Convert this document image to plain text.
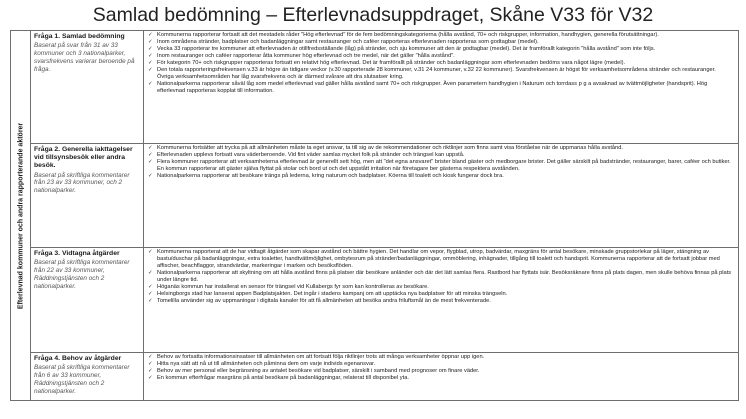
Samlad bedömning – Efterlevnadsuppdraget, Skåne V33 för V32
Efterlevnad kommuner och andra rapporterande aktörer
Fråga 1. Samlad bedömning
Baserat på svar från 31 av 33 kommuner och 3 nationalparker, svarsfrekvens varierar beroende på fråga.
✓ Kommunerna rapporterar fortsatt att det mestadels råder "Hög efterlevnad" för de fem bedömningskategorierna (hålla avstånd, 70+ och riskgrupper, information, handhygien, generella förutsättningar).
✓ Inom områdena stränder, badplatser och badanläggningar samt restauranger och caféer rapporteras efterlevnaden rapporteras som godtagbar (medel).
✓ Vecka 33 rapporterar tre kommuner att efterlevnaden är otillfredsställande (låg) på stränder, och sju kommuner att den är godtagbar (medel). Det är framförallt kategorin "hålla avstånd" som inte följs.
✓ Inom restauranger och caféer rapporterar åtta kommuner hög efterlevnad och tre medel, när det gäller "hålla avstånd".
✓ För kategorin 70+ och riskgrupper rapporteras fortsatt en relativt hög efterlevnad. Det är framförallt på stränder och badanläggningar som efterlevnaden bedöms vara något lägre (medel).
✓ Den totala rapporteringsfrekvensen v.33 är högre än tidigare veckor (v.30 rapporterade 28 kommuner, v.31 24 kommuner, v.32 22 kommuner). Svarsfrekvensen är högst för verksamhetsområdena stränder och restauranger. Övriga verksamhetsområden har låg svarsfrekvens och är därmed svårare att dra slutsatser kring.
✓ Nationalparkerna rapporterar såväl låg som medel efterlevnad vad gäller hålla avstånd samt 70+ och riskgrupper. Även parametern handhygien i Naturum och torrdass p g a avsaknad av tvättmöjligheter (handsprit). Hög efterlevnad rapporteras kopplat till information.
Fråga 2. Generella iakttagelser vid tillsynsbesök eller andra besök.
Baserat på skriftliga kommentarer från 23 av 33 kommuner, och 2 nationalparker.
✓ Kommunerna fortsätter att trycka på att allmänheten måste ta eget ansvar, ta till sig av de rekommendationer och riktlinjer som finns samt visa förståelse när de uppmanas hålla avstånd.
✓ Efterlevnaden upplevs fortsatt vara väderberoende. Vid fint väder samlas mycket folk på stränder och trängsel kan uppstå.
✓ Flera kommuner rapporterar att verksamheterna efterlevnad är generellt sett hög, men att "det egna ansvaret" brister bland gäster och medborgare brister. Det gäller särskilt på badstränder, restauranger, barer, caféer och butiker. En kommun rapporterar att gäster själva flyttat på stolar och bord ut och det uppstått irritation när företagare ber gästerna respektera avstånden.
✓ Nationalparkerna rapporterar att besökare trängs på lederna, kring naturum och badplatser. Köerna till toalett och kiosk fungerar dock bra.
Fråga 3. Vidtagna åtgärder
Baserat på skriftliga kommentarer från 22 av 33 kommuner, Räddningstjänsten och 2 nationalparker.
✓ Kommunerna rapporterat att de har vidtagit åtgärder som skapar avstånd och bättre hygien. Det handlar om vepor, flygblad, utrop, badvärdar, maxgräns för antal besökare, minskade gruppstorlekar på läger, stängning av bastu/duschar på badanläggningar, extra toaletter, handtvättmöjlighet, ombytesrum på stränder/badanläggningar, ommöblering, inhägnader, tillgång till toalett och handsprit. Kommunerna rapporterar att de fortsatt jobbar med affischer, beachflaggor, strandvärdar, markeringar i marken och besöksflöden.
✓ Nationalparkerna rapporterar att skyltning om att hålla avstånd finns på platser där besökare anländer och där det lätt samlas flera. Rastbord har flyttats isär. Besöksräknare finns på plats dagen, men skulle behöva finnas på plats under längre tid.
✓ Höganäs kommun har installerat en sensor för trängsel vid Kullabergs fyr som kan kontrolleras av besökare.
✓ Helsingborgs stad har lanserat appen Badplatsjakten. Det ingår i stadens kampanj om att upptäcka nya badplatser för att minska trängseln.
✓ Tomelilla använder sig av uppmaningar i digitala kanaler för att få allmänheten att besöka andra friluftsmål än de mest frekventerade.
Fråga 4. Behov av åtgärder
Baserat på skriftliga kommentarer från 6 av 33 kommuner, Räddningstjänsten och 2 nationalparker.
✓ Behov av fortsatta informationsinsatser till allmänheten om att fortsatt följa riktlinjer trots att många verksamheter öppnar upp igen.
✓ Hitta nya sätt att nå ut till allmänheten och påminna dem om varje individs egenansvar.
✓ Behov av mer personal eller begränsning av antalet besökare vid badplatser, särskilt i samband med prognoser om finare väder.
✓ En kommun efterfrågar maxgräns på antal besökare på badanläggningar, relaterat till disponibel yta.
